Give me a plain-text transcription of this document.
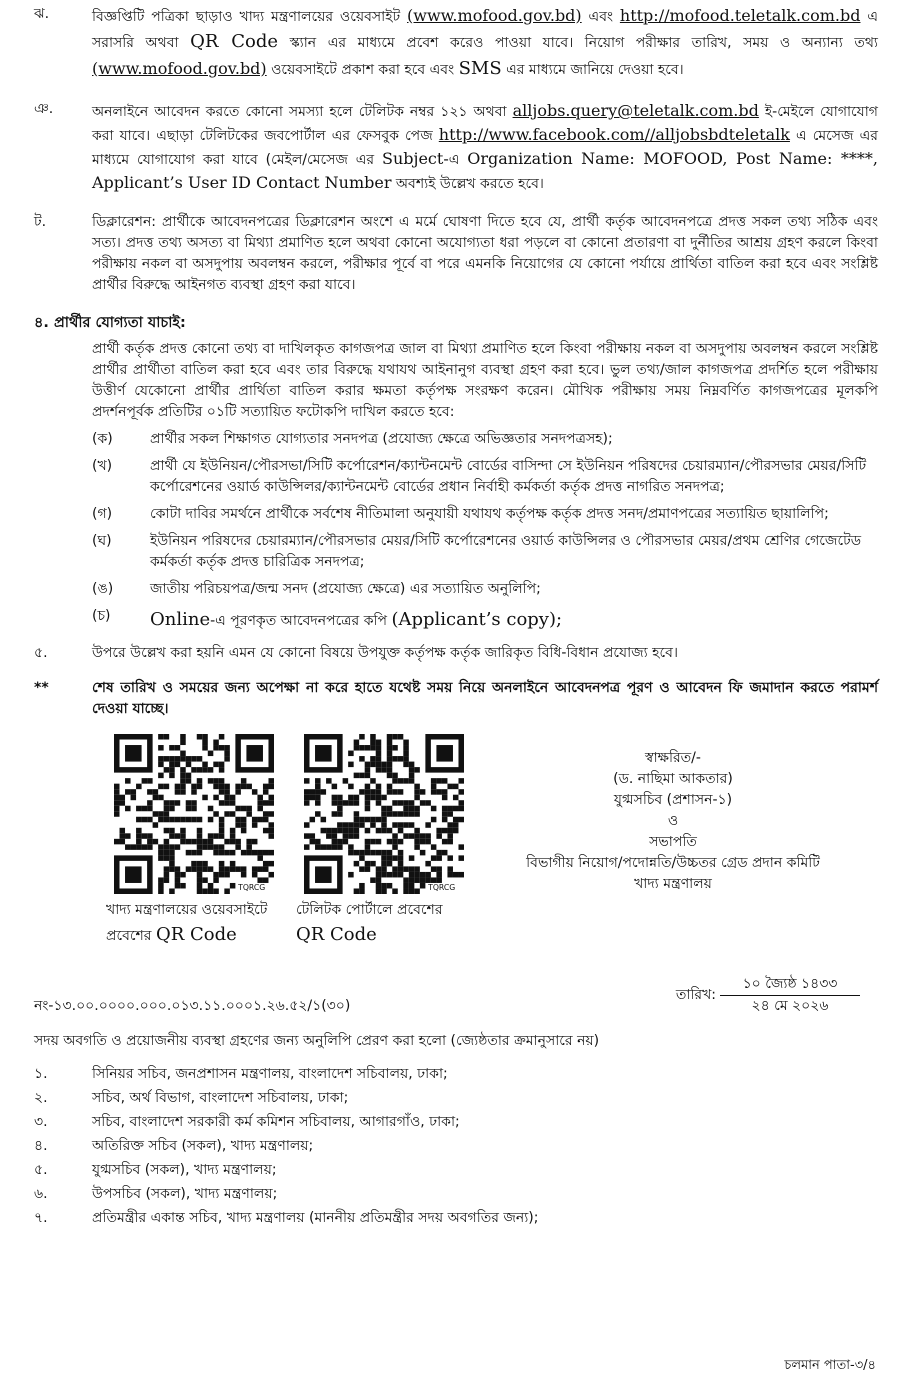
ঝ.	বিজ্ঞপ্তিটি পত্রিকা ছাড়াও খাদ্য মন্ত্রণালয়ের ওয়েবসাইট (www.mofood.gov.bd) এবং http://mofood.teletalk.com.bd এ সরাসরি অথবা QR Code স্ক্যান এর মাধ্যমে প্রবেশ করেও পাওয়া যাবে। নিয়োগ পরীক্ষার তারিখ, সময় ও অন্যান্য তথ্য (www.mofood.gov.bd) ওয়েবসাইটে প্রকাশ করা হবে এবং SMS এর মাধ্যমে জানিয়ে দেওয়া হবে।
ঞ.	অনলাইনে আবেদন করতে কোনো সমস্যা হলে টেলিটক নম্বর ১২১ অথবা alljobs.query@teletalk.com.bd ই-মেইলে যোগাযোগ করা যাবে। এছাড়া টেলিটকের জবপোর্টাল এর ফেসবুক পেজ http://www.facebook.com//alljobsbdteletalk এ মেসেজ এর মাধ্যমে যোগাযোগ করা যাবে (মেইল/মেসেজ এর Subject-এ Organization Name: MOFOOD, Post Name: ****, Applicant’s User ID Contact Number অবশ্যই উল্লেখ করতে হবে।
ট.	ডিক্লারেশন: প্রার্থীকে আবেদনপত্রের ডিক্লারেশন অংশে এ মর্মে ঘোষণা দিতে হবে যে, প্রার্থী কর্তৃক আবেদনপত্রে প্রদত্ত সকল তথ্য সঠিক এবং সত্য। প্রদত্ত তথ্য অসত্য বা মিথ্যা প্রমাণিত হলে অথবা কোনো অযোগ্যতা ধরা পড়লে বা কোনো প্রতারণা বা দুর্নীতির আশ্রয় গ্রহণ করলে কিংবা পরীক্ষায় নকল বা অসদুপায় অবলম্বন করলে, পরীক্ষার পূর্বে বা পরে এমনকি নিয়োগের যে কোনো পর্যায়ে প্রার্থিতা বাতিল করা হবে এবং সংশ্লিষ্ট প্রার্থীর বিরুদ্ধে আইনগত ব্যবস্থা গ্রহণ করা যাবে।
৪. প্রার্থীর যোগ্যতা যাচাই:
প্রার্থী কর্তৃক প্রদত্ত কোনো তথ্য বা দাখিলকৃত কাগজপত্র জাল বা মিথ্যা প্রমাণিত হলে কিংবা পরীক্ষায় নকল বা অসদুপায় অবলম্বন করলে সংশ্লিষ্ট প্রার্থীর প্রার্থীতা বাতিল করা হবে এবং তার বিরুদ্ধে যথাযথ আইনানুগ ব্যবস্থা গ্রহণ করা হবে। ভুল তথ্য/জাল কাগজপত্র প্রদর্শিত হলে পরীক্ষায় উত্তীর্ণ যেকোনো প্রার্থীর প্রার্থিতা বাতিল করার ক্ষমতা কর্তৃপক্ষ সংরক্ষণ করেন। মৌখিক পরীক্ষায় সময় নিম্নবর্ণিত কাগজপত্রের মূলকপি প্রদর্শনপূর্বক প্রতিটির ০১টি সত্যায়িত ফটোকপি দাখিল করতে হবে:
(ক)	প্রার্থীর সকল শিক্ষাগত যোগ্যতার সনদপত্র (প্রযোজ্য ক্ষেত্রে অভিজ্ঞতার সনদপত্রসহ);
(খ)	প্রার্থী যে ইউনিয়ন/পৌরসভা/সিটি কর্পোরেশন/ক্যান্টনমেন্ট বোর্ডের বাসিন্দা সে ইউনিয়ন পরিষদের চেয়ারম্যান/পৌরসভার মেয়র/সিটি কর্পোরেশনের ওয়ার্ড কাউন্সিলর/ক্যান্টনমেন্ট বোর্ডের প্রধান নির্বাহী কর্মকর্তা কর্তৃক প্রদত্ত নাগরিত সনদপত্র;
(গ)	কোটা দাবির সমর্থনে প্রার্থীকে সর্বশেষ নীতিমালা অনুযায়ী যথাযথ কর্তৃপক্ষ কর্তৃক প্রদত্ত সনদ/প্রমাণপত্রের সত্যায়িত ছায়ালিপি;
(ঘ)	ইউনিয়ন পরিষদের চেয়ারম্যান/পৌরসভার মেয়র/সিটি কর্পোরেশনের ওয়ার্ড কাউন্সিলর ও পৌরসভার মেয়র/প্রথম শ্রেণির গেজেটেড কর্মকর্তা কর্তৃক প্রদত্ত চারিত্রিক সনদপত্র;
(ঙ)	জাতীয় পরিচয়পত্র/জন্ম সনদ (প্রযোজ্য ক্ষেত্রে) এর সত্যায়িত অনুলিপি;
(চ)	Online-এ পূরণকৃত আবেদনপত্রের কপি (Applicant’s copy);
৫.	উপরে উল্লেখ করা হয়নি এমন যে কোনো বিষয়ে উপযুক্ত কর্তৃপক্ষ কর্তৃক জারিকৃত বিধি-বিধান প্রযোজ্য হবে।
**	শেষ তারিখ ও সময়ের জন্য অপেক্ষা না করে হাতে যথেষ্ট সময় নিয়ে অনলাইনে আবেদনপত্র পূরণ ও আবেদন ফি জমাদান করতে পরামর্শ দেওয়া যাচ্ছে।
TQRCG
খাদ্য মন্ত্রণালয়ের ওয়েবসাইটে
প্রবেশের QR Code
TQRCG
টেলিটক পোর্টালে প্রবেশের
QR Code
স্বাক্ষরিত/-
(ড. নাছিমা আকতার)
যুগ্মসচিব (প্রশাসন-১)
ও
সভাপতি
বিভাগীয় নিয়োগ/পদোন্নতি/উচ্চতর গ্রেড প্রদান কমিটি
খাদ্য মন্ত্রণালয়
নং-১৩.০০.০০০০.০০০.০১৩.১১.০০০১.২৬.৫২/১(৩০)
তারিখ:
১০ জ্যৈষ্ঠ ১৪৩৩
২৪ মে ২০২৬
সদয় অবগতি ও প্রয়োজনীয় ব্যবস্থা গ্রহণের জন্য অনুলিপি প্রেরণ করা হলো (জ্যেষ্ঠতার ক্রমানুসারে নয়)
১.	সিনিয়র সচিব, জনপ্রশাসন মন্ত্রণালয়, বাংলাদেশ সচিবালয়, ঢাকা;
২.	সচিব, অর্থ বিভাগ, বাংলাদেশ সচিবালয়, ঢাকা;
৩.	সচিব, বাংলাদেশ সরকারী কর্ম কমিশন সচিবালয়, আগারগাঁও, ঢাকা;
৪.	অতিরিক্ত সচিব (সকল), খাদ্য মন্ত্রণালয়;
৫.	যুগ্মসচিব (সকল), খাদ্য মন্ত্রণালয়;
৬.	উপসচিব (সকল), খাদ্য মন্ত্রণালয়;
৭.	প্রতিমন্ত্রীর একান্ত সচিব, খাদ্য মন্ত্রণালয় (মাননীয় প্রতিমন্ত্রীর সদয় অবগতির জন্য);
চলমান পাতা-৩/৪
